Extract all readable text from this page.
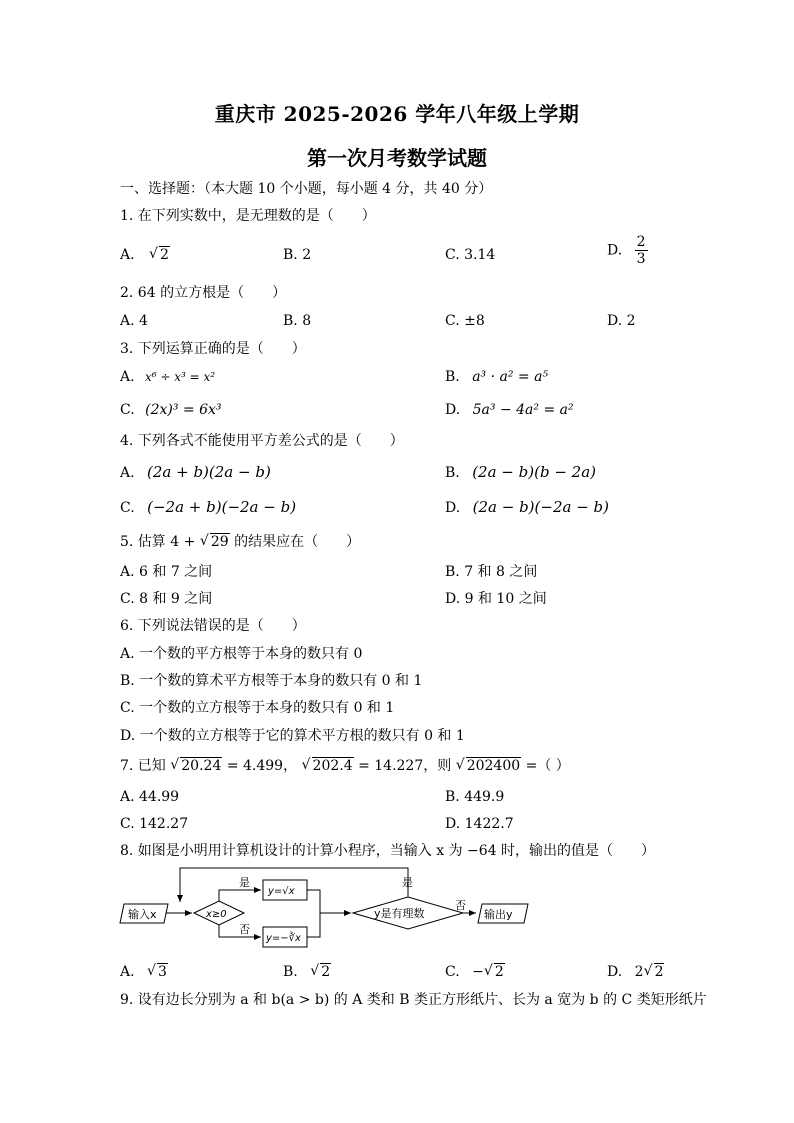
重庆市 2025-2026 学年八年级上学期
第一次月考数学试题
一、选择题：（本大题 10 个小题，每小题 4 分，共 40 分）
1. 在下列实数中，是无理数的是（　　）
A. √ 2	B. 2	C. 3.14	D. $\frac{2}{3}$
2. 64 的立方根是（　　）
A. 4	B. 8	C. ±8	D. 2
3. 下列运算正确的是（　　）
A. x⁶ ÷ x³ = x²	B. a³ · a² = a⁵
C. (2x)³ = 6x³	D. 5a³ − 4a² = a²
4. 下列各式不能使用平方差公式的是（　　）
A. (2a + b)(2a − b)	B. (2a − b)(b − 2a)
C. (−2a + b)(−2a − b)	D. (2a − b)(−2a − b)
5. 估算 4 + √ 29 的结果应在（　　）
A. 6 和 7 之间	B. 7 和 8 之间
C. 8 和 9 之间	D. 9 和 10 之间
6. 下列说法错误的是（　　）
A. 一个数的平方根等于本身的数只有 0
B. 一个数的算术平方根等于本身的数只有 0 和 1
C. 一个数的立方根等于本身的数只有 0 和 1
D. 一个数的立方根等于它的算术平方根的数只有 0 和 1
7. 已知 √ 20.24 = 4.499， √ 202.4 = 14.227，则 √ 202400 =（ ）
A. 44.99	B. 449.9
C. 142.27	D. 1422.7
8. 如图是小明用计算机设计的计算小程序，当输入 x 为 −64 时，输出的值是（　　）
输入x	x≥0
是
y=√x
否
y=−∛x
y是有理数
是
否
输出y
A. √ 3	B. √ 2	C. − √ 2	D. 2 √ 2
9. 设有边长分别为 a 和 b(a > b) 的 A 类和 B 类正方形纸片、长为 a 宽为 b 的 C 类矩形纸片
